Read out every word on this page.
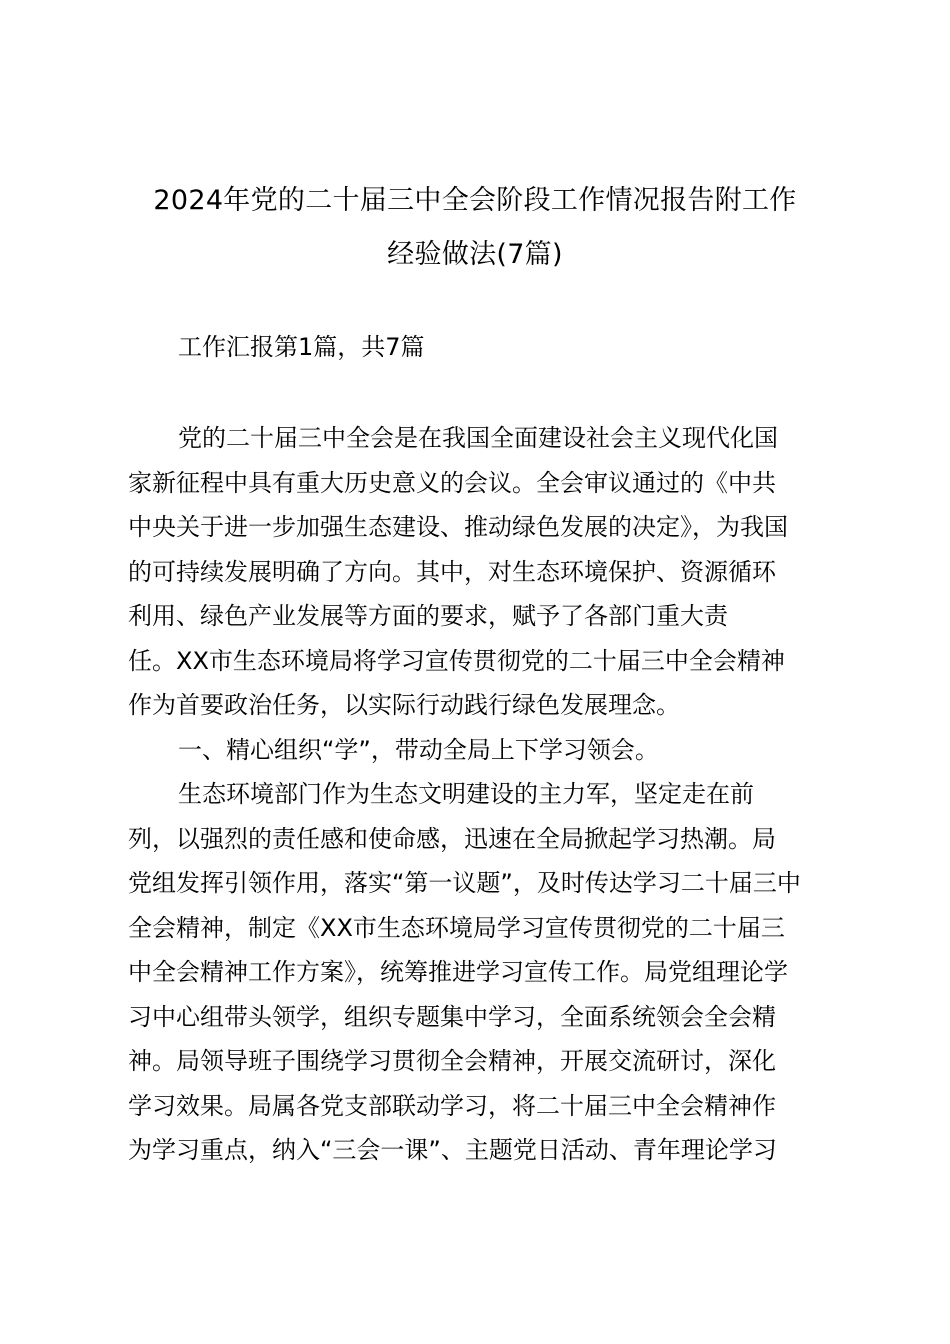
2024年党的二十届三中全会阶段工作情况报告附工作
经验做法(7篇)
工作汇报第1篇，共7篇
党的二十届三中全会是在我国全面建设社会主义现代化国
家新征程中具有重大历史意义的会议。全会审议通过的《中共
中央关于进一步加强生态建设、推动绿色发展的决定》，为我国
的可持续发展明确了方向。其中，对生态环境保护、资源循环
利用、绿色产业发展等方面的要求，赋予了各部门重大责
任。XX市生态环境局将学习宣传贯彻党的二十届三中全会精神
作为首要政治任务，以实际行动践行绿色发展理念。
一、精心组织“学”，带动全局上下学习领会。
生态环境部门作为生态文明建设的主力军，坚定走在前
列，以强烈的责任感和使命感，迅速在全局掀起学习热潮。局
党组发挥引领作用，落实“第一议题”，及时传达学习二十届三中
全会精神，制定《XX市生态环境局学习宣传贯彻党的二十届三
中全会精神工作方案》，统筹推进学习宣传工作。局党组理论学
习中心组带头领学，组织专题集中学习，全面系统领会全会精
神。局领导班子围绕学习贯彻全会精神，开展交流研讨，深化
学习效果。局属各党支部联动学习，将二十届三中全会精神作
为学习重点，纳入“三会一课”、主题党日活动、青年理论学习
